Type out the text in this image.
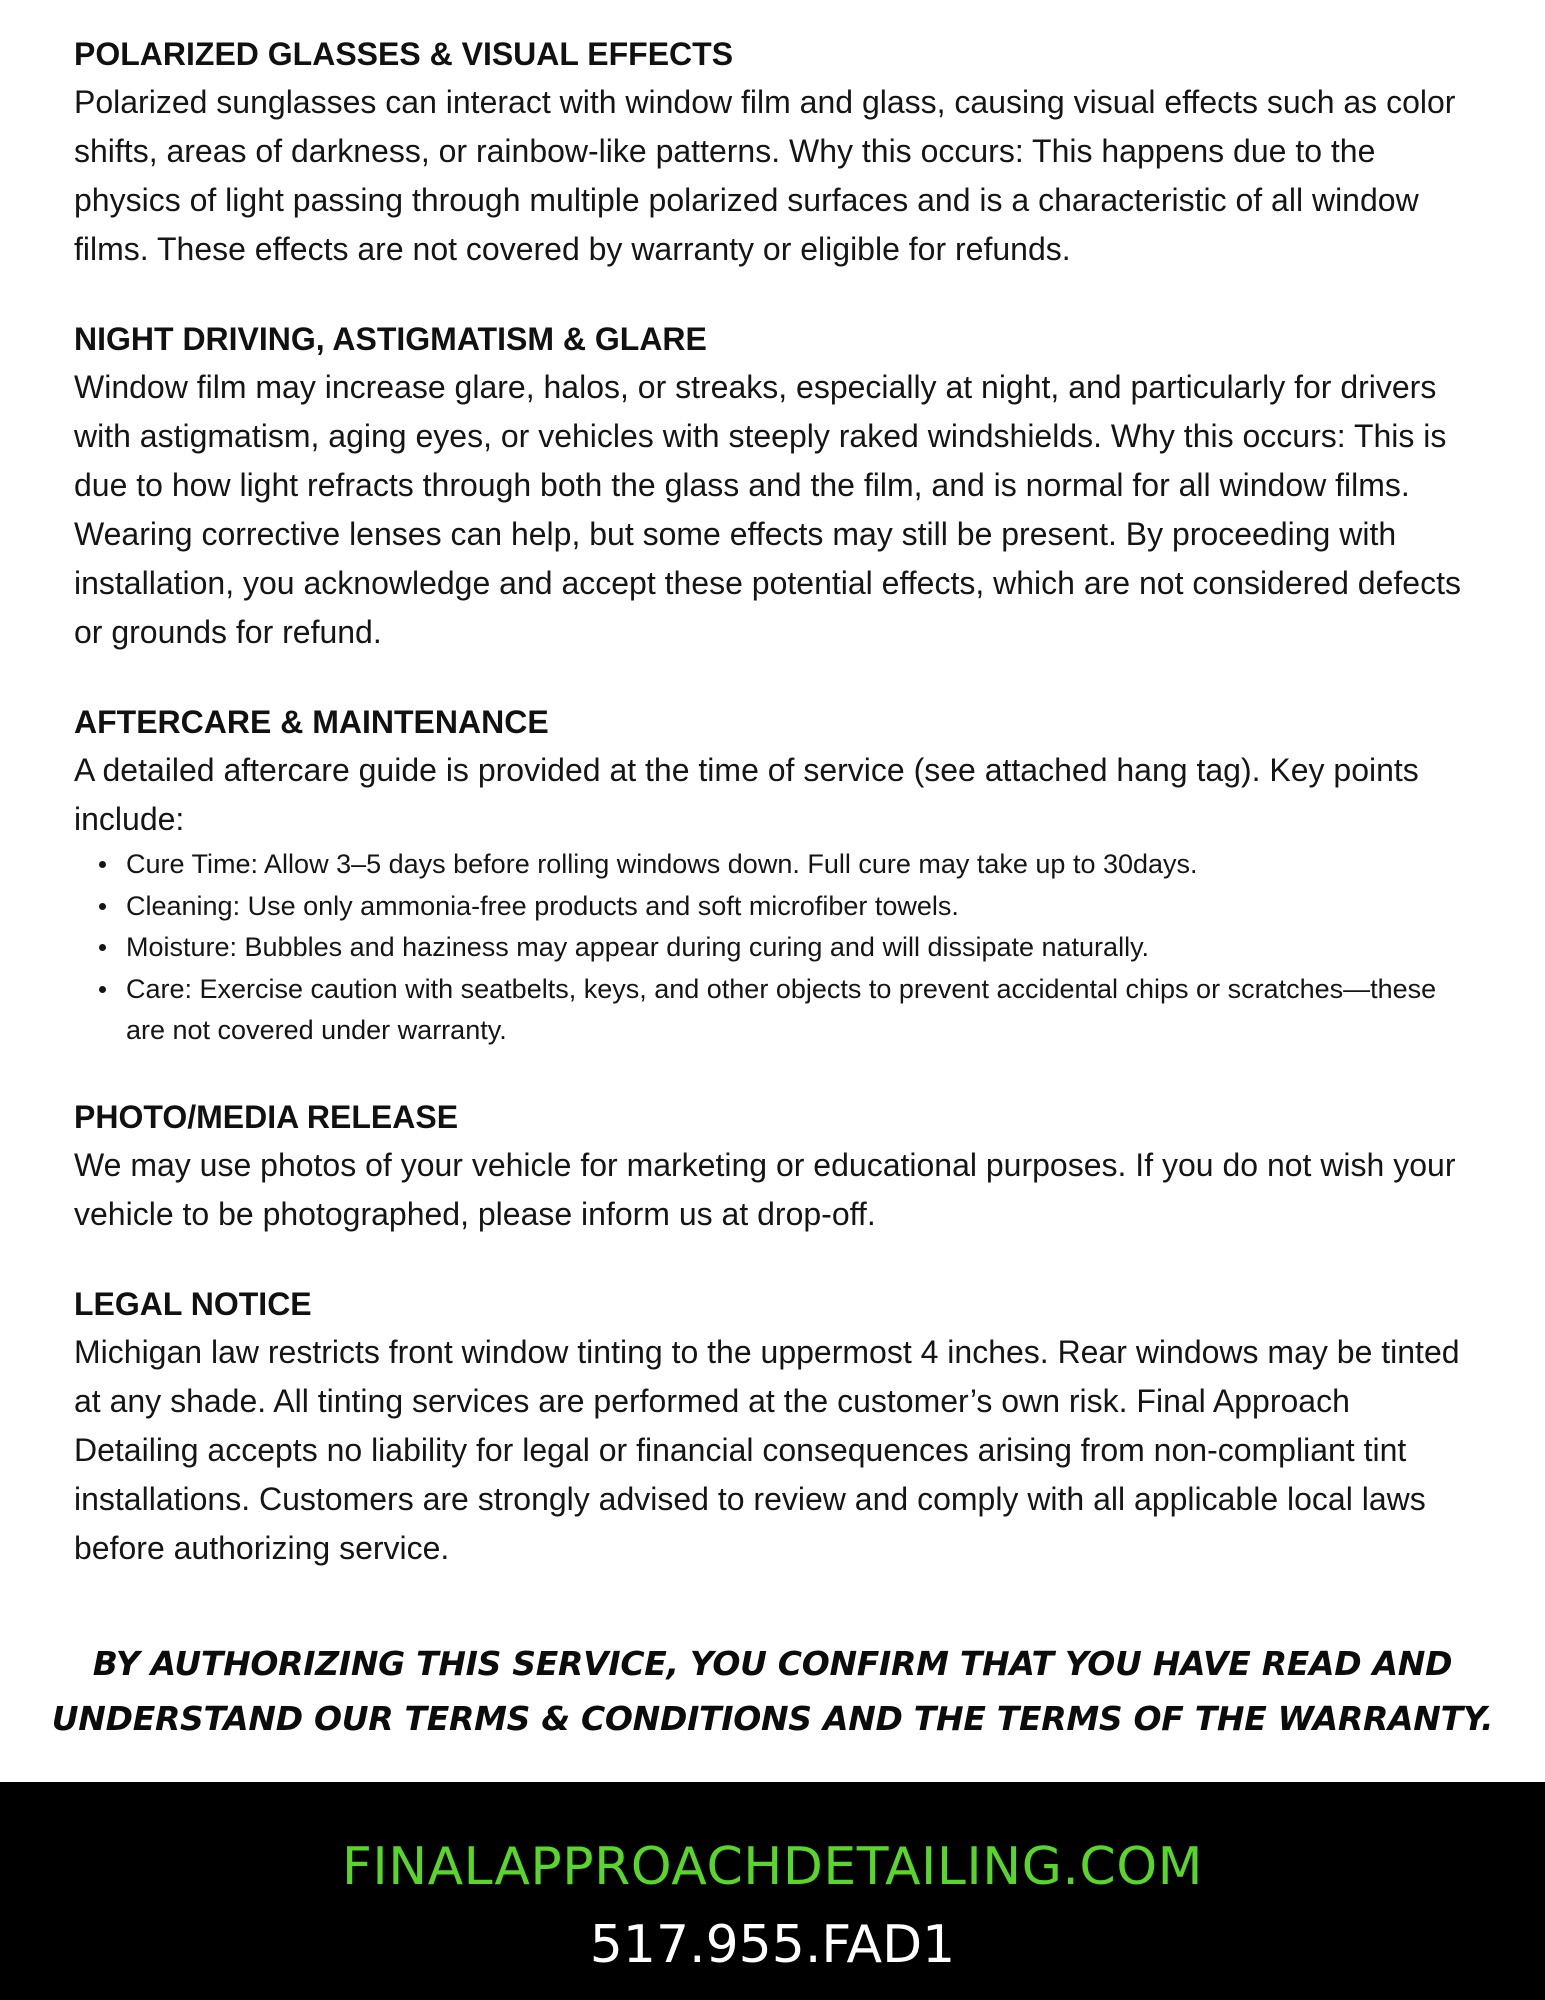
POLARIZED GLASSES & VISUAL EFFECTS

Polarized sunglasses can interact with window film and glass, causing visual effects such as color shifts, areas of darkness, or rainbow-like patterns. Why this occurs: This happens due to the physics of light passing through multiple polarized surfaces and is a characteristic of all window films. These effects are not covered by warranty or eligible for refunds.

NIGHT DRIVING, ASTIGMATISM & GLARE

Window film may increase glare, halos, or streaks, especially at night, and particularly for drivers with astigmatism, aging eyes, or vehicles with steeply raked windshields. Why this occurs: This is due to how light refracts through both the glass and the film, and is normal for all window films. Wearing corrective lenses can help, but some effects may still be present. By proceeding with installation, you acknowledge and accept these potential effects, which are not considered defects or grounds for refund.

AFTERCARE & MAINTENANCE

A detailed aftercare guide is provided at the time of service (see attached hang tag). Key points include:

Cure Time: Allow 3–5 days before rolling windows down. Full cure may take up to 30days.
Cleaning: Use only ammonia-free products and soft microfiber towels.
Moisture: Bubbles and haziness may appear during curing and will dissipate naturally.
Care: Exercise caution with seatbelts, keys, and other objects to prevent accidental chips or scratches—these are not covered under warranty.
PHOTO/MEDIA RELEASE

We may use photos of your vehicle for marketing or educational purposes. If you do not wish your vehicle to be photographed, please inform us at drop-off.

LEGAL NOTICE

Michigan law restricts front window tinting to the uppermost 4 inches. Rear windows may be tinted at any shade. All tinting services are performed at the customer’s own risk. Final Approach Detailing accepts no liability for legal or financial consequences arising from non-compliant tint installations. Customers are strongly advised to review and comply with all applicable local laws before authorizing service.

BY AUTHORIZING THIS SERVICE, YOU CONFIRM THAT YOU HAVE READ AND
UNDERSTAND OUR TERMS & CONDITIONS AND THE TERMS OF THE WARRANTY.
FINALAPPROACHDETAILING.COM
517.955.FAD1
